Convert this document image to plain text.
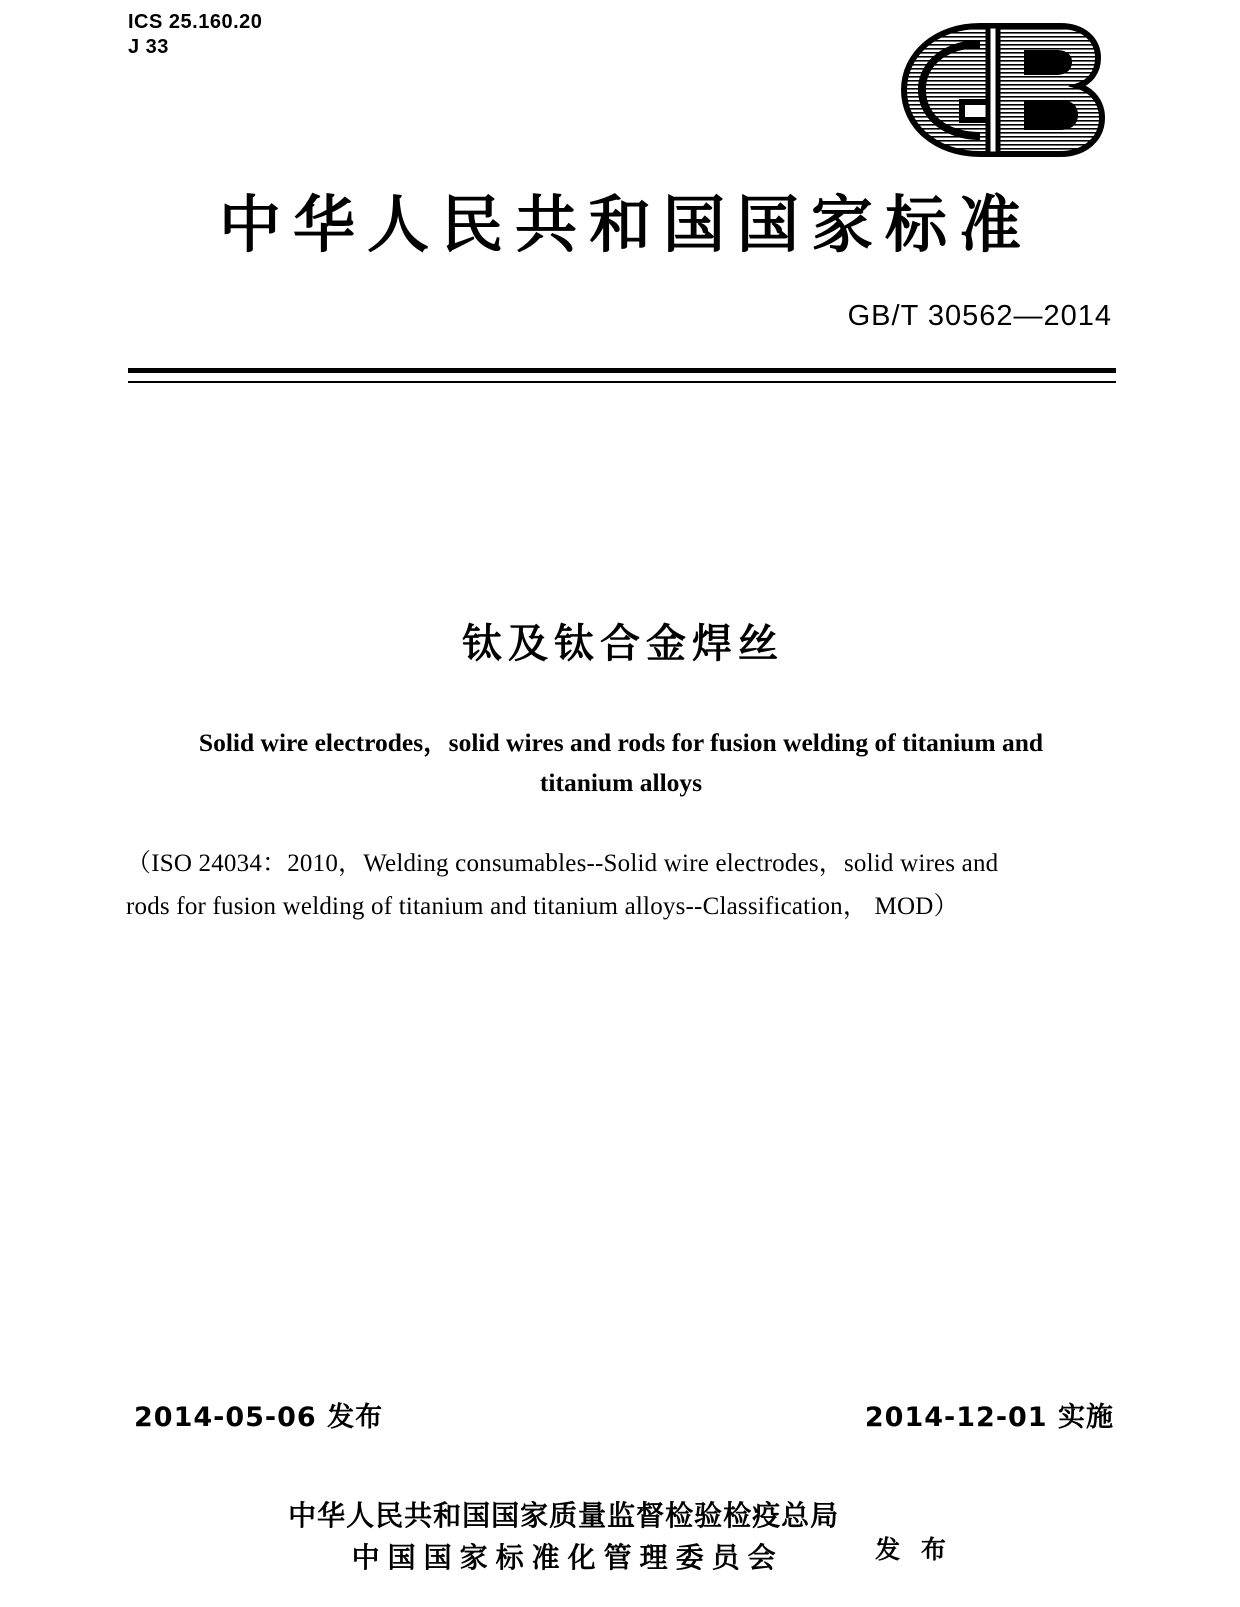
ICS 25.160.20
J 33
中华人民共和国国家标准
GB/T 30562—2014
钛及钛合金焊丝
Solid wire electrodes，solid wires and rods for fusion welding of titanium and
titanium alloys
（ISO 24034：2010，Welding consumables--Solid wire electrodes，solid wires and
rods for fusion welding of titanium and titanium alloys--Classification， MOD）
2014-05-06 发布	2014-12-01 实施
中华人民共和国国家质量监督检验检疫总局
中国国家标准化管理委员会	发 布
